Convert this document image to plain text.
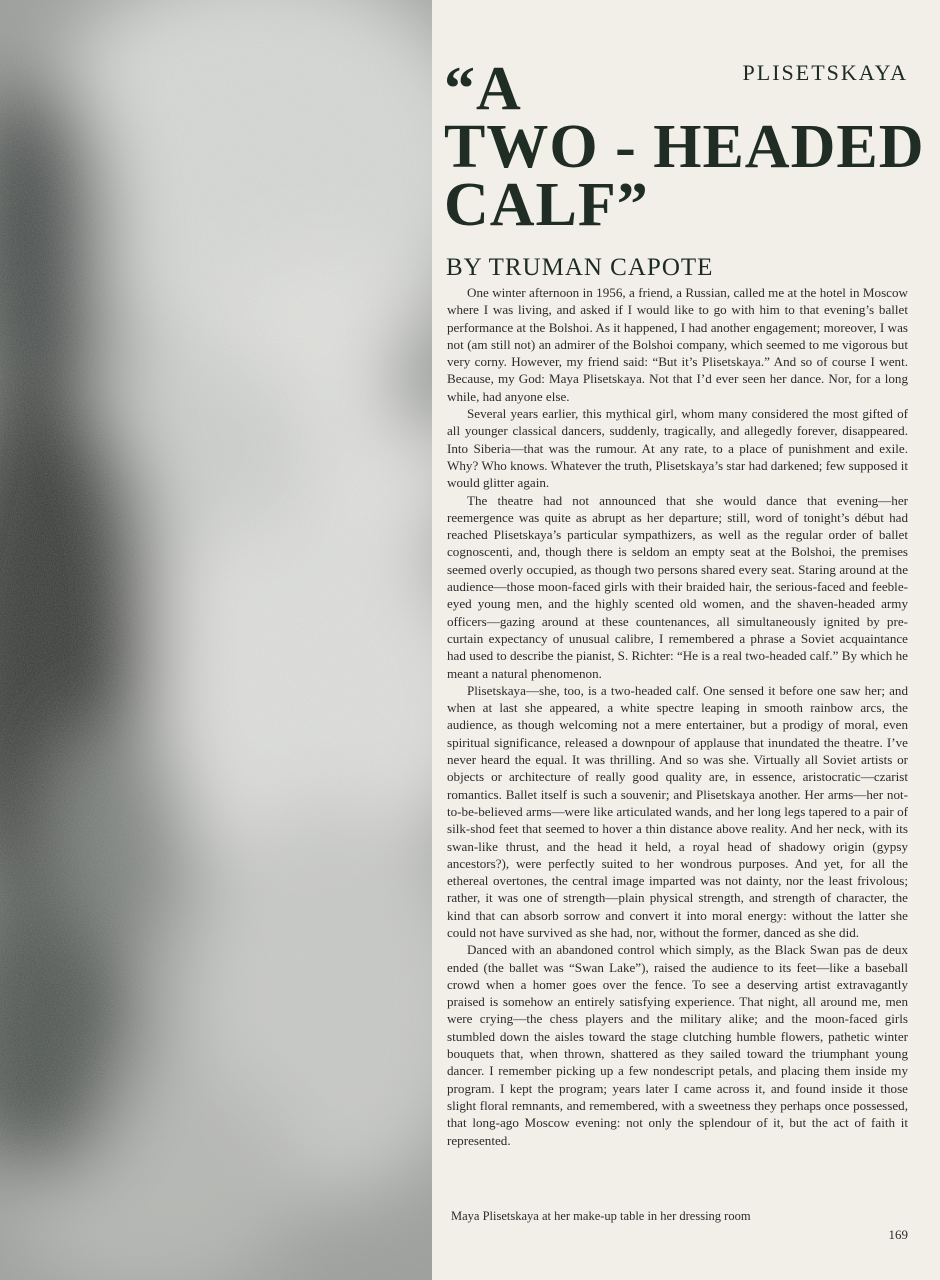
PLISETSKAYA
“A
TWO - HEADED
CALF”
BY TRUMAN CAPOTE

One winter afternoon in 1956, a friend, a Russian, called me at the hotel in Moscow where I was living, and asked if I would like to go with him to that evening’s ballet performance at the Bolshoi. As it happened, I had another engagement; moreover, I was not (am still not) an admirer of the Bolshoi company, which seemed to me vigorous but very corny. However, my friend said: “But it’s Plisetskaya.” And so of course I went. Because, my God: Maya Plisetskaya. Not that I’d ever seen her dance. Nor, for a long while, had anyone else.

Several years earlier, this mythical girl, whom many considered the most gifted of all younger classical dancers, suddenly, tragically, and allegedly forever, disappeared. Into Siberia—that was the rumour. At any rate, to a place of punishment and exile. Why? Who knows. Whatever the truth, Plisetskaya’s star had darkened; few supposed it would glitter again.

The theatre had not announced that she would dance that evening—her reemergence was quite as abrupt as her departure; still, word of tonight’s début had reached Plisetskaya’s particular sympathizers, as well as the regular order of ballet cognoscenti, and, though there is seldom an empty seat at the Bolshoi, the premises seemed overly occupied, as though two persons shared every seat. Staring around at the audience—those moon-faced girls with their braided hair, the serious-faced and feeble-eyed young men, and the highly scented old women, and the shaven-headed army officers—gazing around at these countenances, all simultaneously ignited by pre-curtain expectancy of unusual calibre, I remembered a phrase a Soviet acquaintance had used to describe the pianist, S. Richter: “He is a real two-headed calf.” By which he meant a natural phenomenon.

Plisetskaya—she, too, is a two-headed calf. One sensed it before one saw her; and when at last she appeared, a white spectre leaping in smooth rainbow arcs, the audience, as though welcoming not a mere entertainer, but a prodigy of moral, even spiritual significance, released a downpour of applause that inundated the theatre. I’ve never heard the equal. It was thrilling. And so was she. Virtually all Soviet artists or objects or architecture of really good quality are, in essence, aristocratic—czarist romantics. Ballet itself is such a souvenir; and Plisetskaya another. Her arms—her not-to-be-believed arms—were like articulated wands, and her long legs tapered to a pair of silk-shod feet that seemed to hover a thin distance above reality. And her neck, with its swan-like thrust, and the head it held, a royal head of shadowy origin (gypsy ancestors?), were perfectly suited to her wondrous purposes. And yet, for all the ethereal overtones, the central image imparted was not dainty, nor the least frivolous; rather, it was one of strength—plain physical strength, and strength of character, the kind that can absorb sorrow and convert it into moral energy: without the latter she could not have survived as she had, nor, without the former, danced as she did.

Danced with an abandoned control which simply, as the Black Swan pas de deux ended (the ballet was “Swan Lake”), raised the audience to its feet—like a baseball crowd when a homer goes over the fence. To see a deserving artist extravagantly praised is somehow an entirely satisfying experience. That night, all around me, men were crying—the chess players and the military alike; and the moon-faced girls stumbled down the aisles toward the stage clutching humble flowers, pathetic winter bouquets that, when thrown, shattered as they sailed toward the triumphant young dancer. I remember picking up a few nondescript petals, and placing them inside my program. I kept the program; years later I came across it, and found inside it those slight floral remnants, and remembered, with a sweetness they perhaps once possessed, that long-ago Moscow evening: not only the splendour of it, but the act of faith it represented.

Maya Plisetskaya at her make-up table in her dressing room
169
